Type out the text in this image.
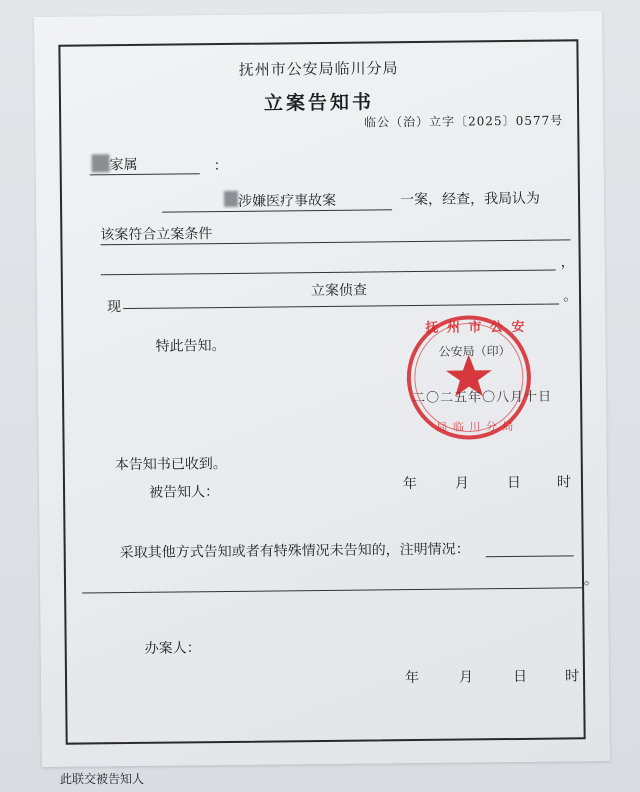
抚州市公安局临川分局
立案告知书
临公（治）立字〔2025〕0577号
家属	：
涉嫌医疗事故案	一案，经查，我局认为
该案符合立案条件
，
现
立案侦查	。
特此告知。
抚 州 市 公 安
公安局（印）
局 临 川 分 局
二〇二五年〇八月十日
本告知书已收到。
被告知人：
年	月	日	时
采取其他方式告知或者有特殊情况未告知的，注明情况：
。
办案人：
年	月	日	时
此联交被告知人
